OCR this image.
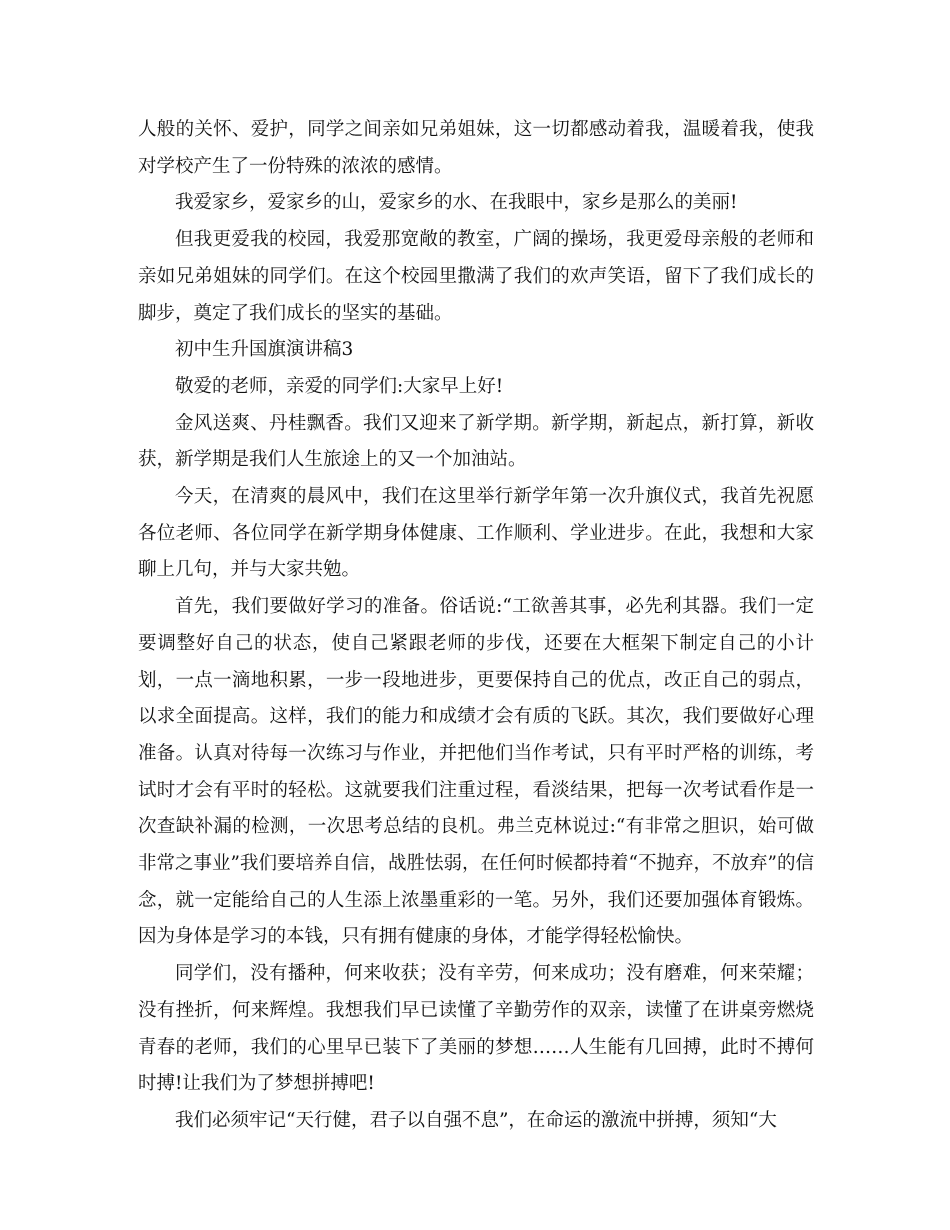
人般的关怀、爱护，同学之间亲如兄弟姐妹，这一切都感动着我，温暖着我，使我对学校产生了一份特殊的浓浓的感情。

我爱家乡，爱家乡的山，爱家乡的水、在我眼中，家乡是那么的美丽!

但我更爱我的校园，我爱那宽敞的教室，广阔的操场，我更爱母亲般的老师和亲如兄弟姐妹的同学们。在这个校园里撒满了我们的欢声笑语，留下了我们成长的脚步，奠定了我们成长的坚实的基础。

初中生升国旗演讲稿3

敬爱的老师，亲爱的同学们:大家早上好!

金风送爽、丹桂飘香。我们又迎来了新学期。新学期，新起点，新打算，新收获，新学期是我们人生旅途上的又一个加油站。

今天，在清爽的晨风中，我们在这里举行新学年第一次升旗仪式，我首先祝愿各位老师、各位同学在新学期身体健康、工作顺利、学业进步。在此，我想和大家聊上几句，并与大家共勉。

首先，我们要做好学习的准备。俗话说:“工欲善其事，必先利其器。我们一定要调整好自己的状态，使自己紧跟老师的步伐，还要在大框架下制定自己的小计划，一点一滴地积累，一步一段地进步，更要保持自己的优点，改正自己的弱点，以求全面提高。这样，我们的能力和成绩才会有质的飞跃。其次，我们要做好心理准备。认真对待每一次练习与作业，并把他们当作考试，只有平时严格的训练，考试时才会有平时的轻松。这就要我们注重过程，看淡结果，把每一次考试看作是一次查缺补漏的检测，一次思考总结的良机。弗兰克林说过:“有非常之胆识，始可做非常之事业”我们要培养自信，战胜怯弱，在任何时候都持着“不抛弃，不放弃”的信念，就一定能给自己的人生添上浓墨重彩的一笔。另外，我们还要加强体育锻炼。因为身体是学习的本钱，只有拥有健康的身体，才能学得轻松愉快。

同学们，没有播种，何来收获；没有辛劳，何来成功；没有磨难，何来荣耀；没有挫折，何来辉煌。我想我们早已读懂了辛勤劳作的双亲，读懂了在讲桌旁燃烧青春的老师，我们的心里早已装下了美丽的梦想……人生能有几回搏，此时不搏何时搏!让我们为了梦想拼搏吧!

我们必须牢记“天行健，君子以自强不息”，在命运的激流中拼搏，须知“大
